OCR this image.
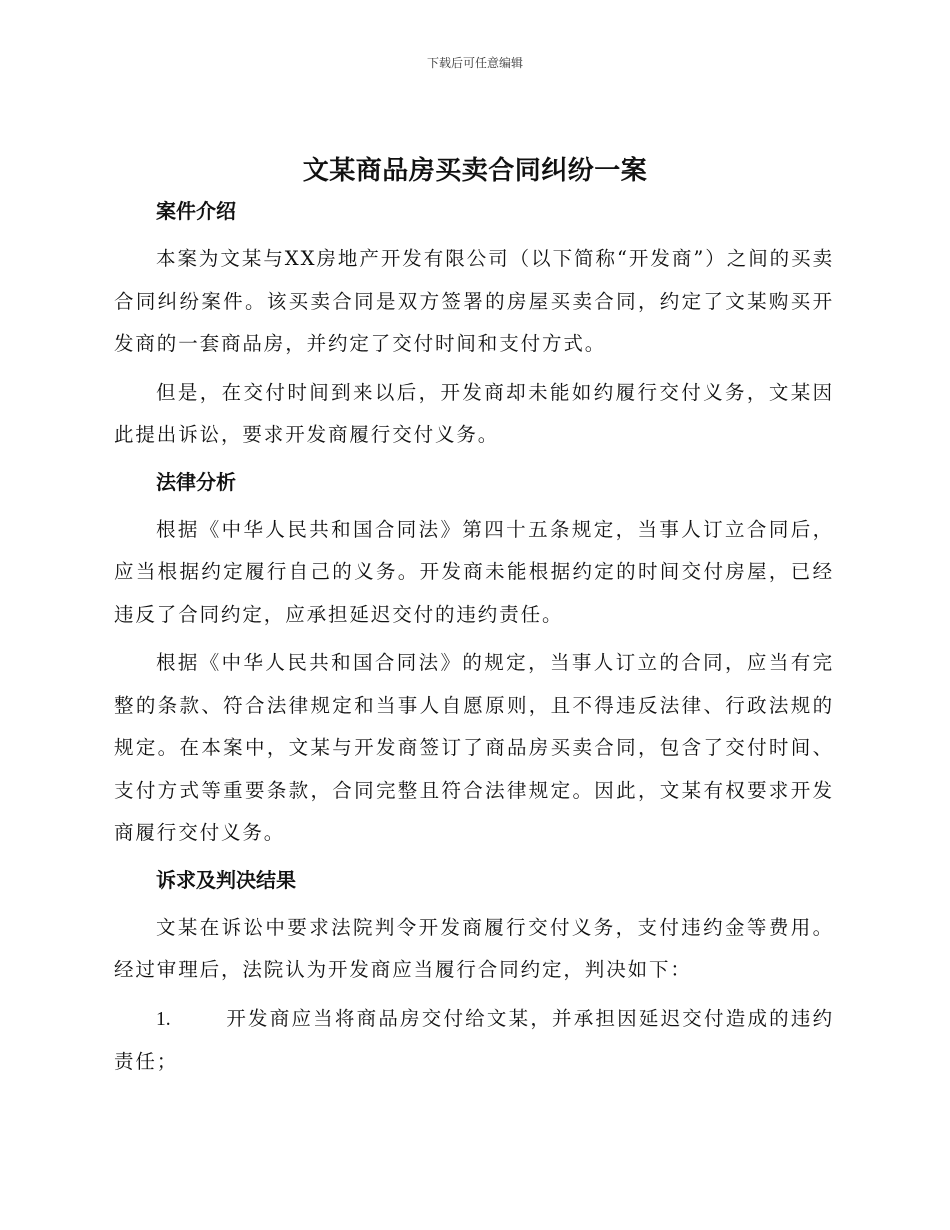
下载后可任意编辑
文某商品房买卖合同纠纷一案
案件介绍

本案为文某与XX房地产开发有限公司（以下简称“开发商”）之间的买卖合同纠纷案件。该买卖合同是双方签署的房屋买卖合同，约定了文某购买开发商的一套商品房，并约定了交付时间和支付方式。

但是，在交付时间到来以后，开发商却未能如约履行交付义务，文某因此提出诉讼，要求开发商履行交付义务。

法律分析

根据《中华人民共和国合同法》第四十五条规定，当事人订立合同后，应当根据约定履行自己的义务。开发商未能根据约定的时间交付房屋，已经违反了合同约定，应承担延迟交付的违约责任。

根据《中华人民共和国合同法》的规定，当事人订立的合同，应当有完整的条款、符合法律规定和当事人自愿原则，且不得违反法律、行政法规的规定。在本案中，文某与开发商签订了商品房买卖合同，包含了交付时间、支付方式等重要条款，合同完整且符合法律规定。因此，文某有权要求开发商履行交付义务。

诉求及判决结果

文某在诉讼中要求法院判令开发商履行交付义务，支付违约金等费用。经过审理后，法院认为开发商应当履行合同约定，判决如下：

1.	开发商应当将商品房交付给文某，并承担因延迟交付造成的违约责任；
